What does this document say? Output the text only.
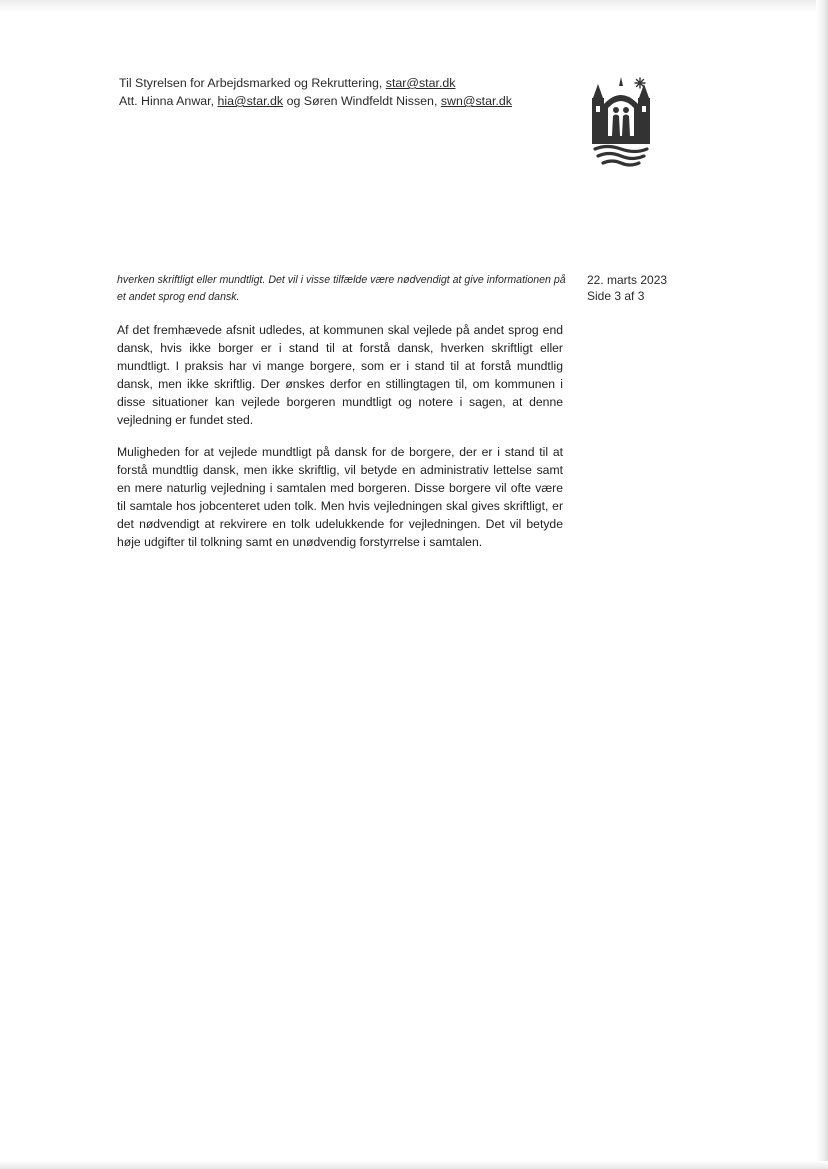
Til Styrelsen for Arbejdsmarked og Rekruttering, star@star.dk
Att. Hinna Anwar, hia@star.dk og Søren Windfeldt Nissen, swn@star.dk
hverken skriftligt eller mundtligt. Det vil i visse tilfælde være nødvendigt at give informationen på et andet sprog end dansk.
22. marts 2023
Side 3 af 3

Af det fremhævede afsnit udledes, at kommunen skal vejlede på andet sprog end dansk, hvis ikke borger er i stand til at forstå dansk, hverken skriftligt eller mundtligt. I praksis har vi mange borgere, som er i stand til at forstå mundtlig dansk, men ikke skriftlig. Der ønskes derfor en stillingtagen til, om kommunen i disse situationer kan vejlede borgeren mundtligt og notere i sagen, at denne vejledning er fundet sted.

Muligheden for at vejlede mundtligt på dansk for de borgere, der er i stand til at forstå mundtlig dansk, men ikke skriftlig, vil betyde en administrativ lettelse samt en mere naturlig vejledning i samtalen med borgeren. Disse borgere vil ofte være til samtale hos jobcenteret uden tolk. Men hvis vejledningen skal gives skriftligt, er det nødvendigt at rekvirere en tolk udelukkende for vejledningen. Det vil betyde høje udgifter til tolkning samt en unødvendig forstyrrelse i samtalen.
